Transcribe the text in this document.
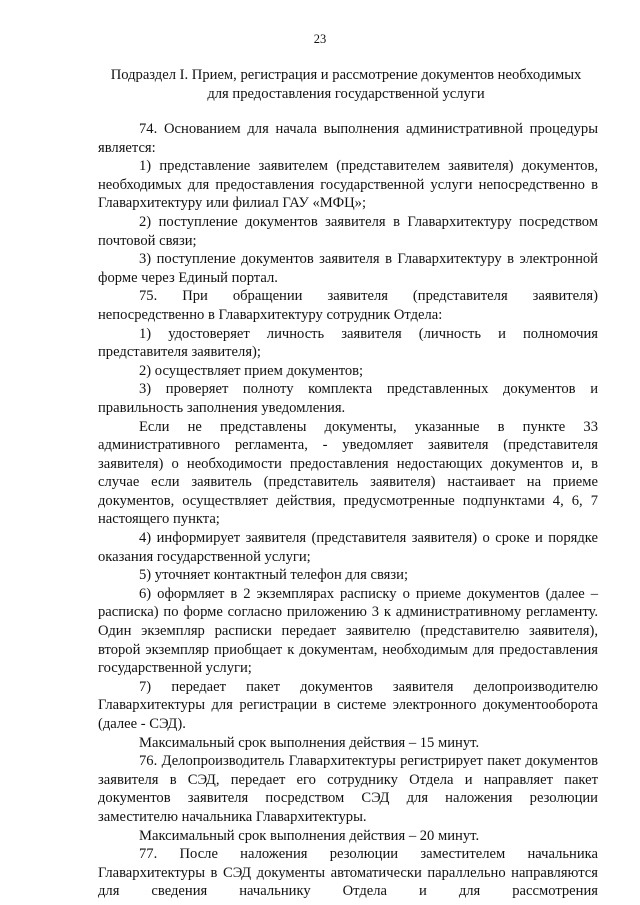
23
Подраздел I. Прием, регистрация и рассмотрение документов необходимых
для предоставления государственной услуги

74. Основанием для начала выполнения административной процедуры является:

1) представление заявителем (представителем заявителя) документов, необходимых для предоставления государственной услуги непосредственно в Главархитектуру или филиал ГАУ «МФЦ»;

2) поступление документов заявителя в Главархитектуру посредством почтовой связи;

3) поступление документов заявителя в Главархитектуру в электронной форме через Единый портал.

75. При обращении заявителя (представителя заявителя) непосредственно в Главархитектуру сотрудник Отдела:

1) удостоверяет личность заявителя (личность и полномочия представителя заявителя);

2) осуществляет прием документов;

3) проверяет полноту комплекта представленных документов и правильность заполнения уведомления.

Если не представлены документы, указанные в пункте 33 административного регламента, - уведомляет заявителя (представителя заявителя) о необходимости предоставления недостающих документов и, в случае если заявитель (представитель заявителя) настаивает на приеме документов, осуществляет действия, предусмотренные подпунктами 4, 6, 7 настоящего пункта;

4) информирует заявителя (представителя заявителя) о сроке и порядке оказания государственной услуги;

5) уточняет контактный телефон для связи;

6) оформляет в 2 экземплярах расписку о приеме документов (далее – расписка) по форме согласно приложению 3 к административному регламенту. Один экземпляр расписки передает заявителю (представителю заявителя), второй экземпляр приобщает к документам, необходимым для предоставления государственной услуги;

7) передает пакет документов заявителя делопроизводителю Главархитектуры для регистрации в системе электронного документооборота (далее - СЭД).

Максимальный срок выполнения действия – 15 минут.

76. Делопроизводитель Главархитектуры регистрирует пакет документов заявителя в СЭД, передает его сотруднику Отдела и направляет пакет документов заявителя посредством СЭД для наложения резолюции заместителю начальника Главархитектуры.

Максимальный срок выполнения действия – 20 минут.

77. После наложения резолюции заместителем начальника Главархитектуры в СЭД документы автоматически параллельно направляются для сведения начальнику Отдела и для рассмотрения
